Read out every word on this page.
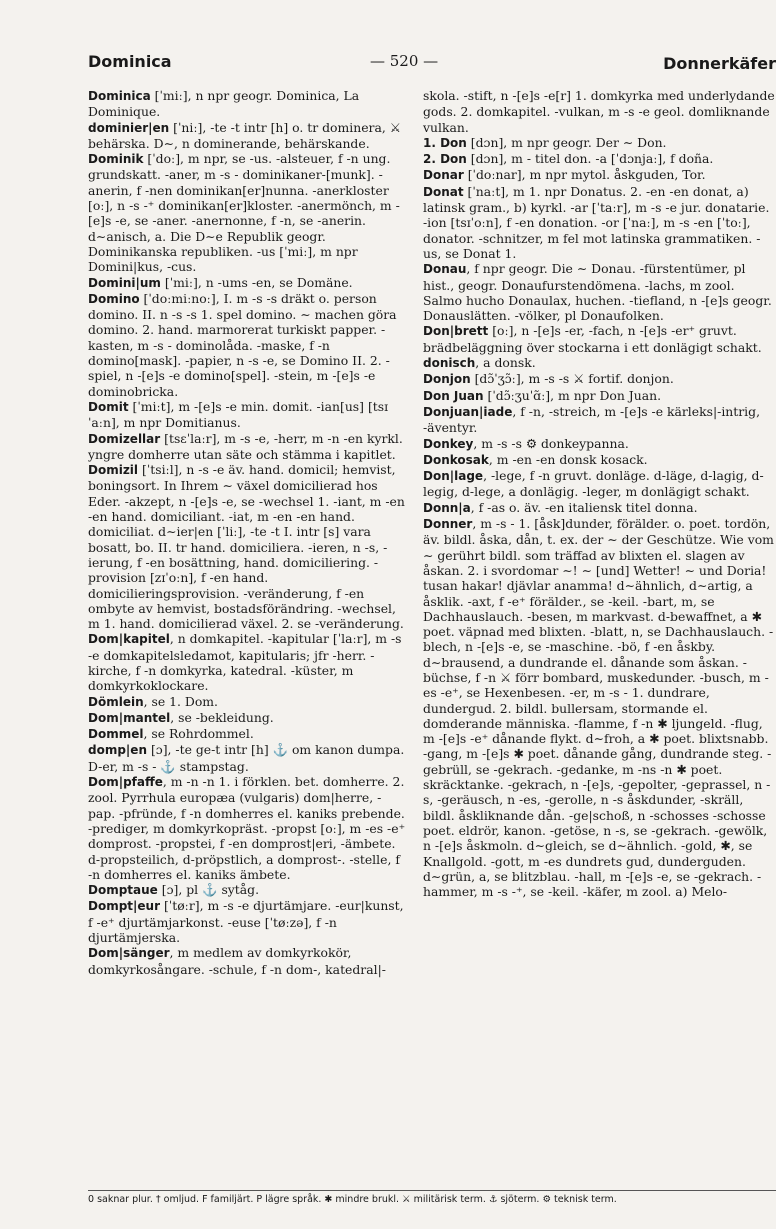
Dominica	— 520 —	Donnerkäfer

Dominica [ˈmiː], n npr geogr. Dominica, La Dominique.

dominier|en [ˈniː], -te -t intr [h] o. tr dominera, ⚔ behärska. D∼, n dominerande, behärskande.

Dominik [ˈdoː], m npr, se -us. -alsteuer, f -n ung. grundskatt. -aner, m -s - dominikaner-[munk]. -anerin, f -nen dominikan[er]nunna. -anerkloster [oː], n -s -⁺ dominikan[er]kloster. -anermönch, m -[e]s -e, se -aner. -anernonne, f -n, se -anerin. d∼anisch, a. Die D∼e Republik geogr. Dominikanska republiken. -us [ˈmiː], m npr Domini|kus, -cus.

Domini|um [ˈmiː], n -ums -en, se Domäne.

Domino [ˈdoːmiːnoː], I. m -s -s dräkt o. person domino. II. n -s -s 1. spel domino. ∼ machen göra domino. 2. hand. marmorerat turkiskt papper. -kasten, m -s - dominolåda. -maske, f -n domino[mask]. -papier, n -s -e, se Domino II. 2. -spiel, n -[e]s -e domino[spel]. -stein, m -[e]s -e dominobricka.

Domit [ˈmiːt], m -[e]s -e min. domit. -ian[us] [tsɪˈaːn], m npr Domitianus.

Domizellar [tsɛˈlaːr], m -s -e, -herr, m -n -en kyrkl. yngre domherre utan säte och stämma i kapitlet.

Domizil [ˈtsiːl], n -s -e äv. hand. domicil; hemvist, boningsort. In Ihrem ∼ växel domicilierad hos Eder. -akzept, n -[e]s -e, se -wechsel 1. -iant, m -en -en hand. domiciliant. -iat, m -en -en hand. domiciliat. d∼ier|en [ˈliː], -te -t I. intr [s] vara bosatt, bo. II. tr hand. domiciliera. -ieren, n -s, -ierung, f -en bosättning, hand. domiciliering. -provision [zɪˈoːn], f -en hand. domicilieringsprovision. -veränderung, f -en ombyte av hemvist, bostadsförändring. -wechsel, m 1. hand. domicilierad växel. 2. se -veränderung.

Dom|kapitel, n domkapitel. -kapitular [ˈlaːr], m -s -e domkapitelsledamot, kapitularis; jfr -herr. -kirche, f -n domkyrka, katedral. -küster, m domkyrkoklockare.

Dömlein, se 1. Dom.

Dom|mantel, se -bekleidung.

Dommel, se Rohrdommel.

domp|en [ɔ], -te ge-t intr [h] ⚓ om kanon dumpa. D-er, m -s - ⚓ stampstag.

Dom|pfaffe, m -n -n 1. i förklen. bet. domherre. 2. zool. Pyrrhula europæa (vulgaris) dom|herre, -pap. -pfründe, f -n domherres el. kaniks prebende. -prediger, m domkyrkopräst. -propst [oː], m -es -e⁺ domprost. -propstei, f -en domprost|eri, -ämbete. d-propsteilich, d-pröpstlich, a domprost-. -stelle, f -n domherres el. kaniks ämbete.

Domptaue [ɔ], pl ⚓ sytåg.

Dompt|eur [ˈtøːr], m -s -e djurtämjare. -eur|kunst, f -e⁺ djurtämjarkonst. -euse [ˈtøːzə], f -n djurtämjerska.

Dom|sänger, m medlem av domkyrkokör, domkyrkosångare. -schule, f -n dom-, katedral|-

skola. -stift, n -[e]s -e[r] 1. domkyrka med underlydande gods. 2. domkapitel. -vulkan, m -s -e geol. domliknande vulkan.

1. Don [dɔn], m npr geogr. Der ∼ Don.

2. Don [dɔn], m - titel don. -a [ˈdɔnjaː], f doña.

Donar [ˈdoːnar], m npr mytol. åskguden, Tor.

Donat [ˈnaːt], m 1. npr Donatus. 2. -en -en donat, a) latinsk gram., b) kyrkl. -ar [ˈtaːr], m -s -e jur. donatarie. -ion [tsɪˈoːn], f -en donation. -or [ˈnaː], m -s -en [ˈtoː], donator. -schnitzer, m fel mot latinska grammatiken. -us, se Donat 1.

Donau, f npr geogr. Die ∼ Donau. -fürstentümer, pl hist., geogr. Donaufurstendömena. -lachs, m zool. Salmo hucho Donaulax, huchen. -tiefland, n -[e]s geogr. Donauslätten. -völker, pl Donaufolken.

Don|brett [oː], n -[e]s -er, -fach, n -[e]s -er⁺ gruvt. brädbeläggning över stockarna i ett donlägigt schakt.

donisch, a donsk.

Donjon [dɔ̃ˈʒɔ̃ː], m -s -s ⚔ fortif. donjon.

Don Juan [ˈdɔ̃ːʒuˈɑ̃ː], m npr Don Juan.

Donjuan|iade, f -n, -streich, m -[e]s -e kärleks|-intrig, -äventyr.

Donkey, m -s -s ⚙ donkeypanna.

Donkosak, m -en -en donsk kosack.

Don|lage, -lege, f -n gruvt. donläge. d-läge, d-lagig, d-legig, d-lege, a donlägig. -leger, m donlägigt schakt.

Donn|a, f -as o. äv. -en italiensk titel donna.

Donner, m -s - 1. [åsk]dunder, förälder. o. poet. tordön, äv. bildl. åska, dån, t. ex. der ∼ der Geschütze. Wie vom ∼ gerührt bildl. som träffad av blixten el. slagen av åskan. 2. i svordomar ∼! ∼ [und] Wetter! ∼ und Doria! tusan hakar! djävlar anamma! d∼ähnlich, d∼artig, a åsklik. -axt, f -e⁺ förälder., se -keil. -bart, m, se Dachhauslauch. -besen, m markvast. d-bewaffnet, a ✱ poet. väpnad med blixten. -blatt, n, se Dachhauslauch. -blech, n -[e]s -e, se -maschine. -bö, f -en åskby. d∼brausend, a dundrande el. dånande som åskan. -büchse, f -n ⚔ förr bombard, muskedunder. -busch, m -es -e⁺, se Hexenbesen. -er, m -s - 1. dundrare, dundergud. 2. bildl. bullersam, stormande el. domderande människa. -flamme, f -n ✱ ljungeld. -flug, m -[e]s -e⁺ dånande flykt. d∼froh, a ✱ poet. blixtsnabb. -gang, m -[e]s ✱ poet. dånande gång, dundrande steg. -gebrüll, se -gekrach. -gedanke, m -ns -n ✱ poet. skräcktanke. -gekrach, n -[e]s, -gepolter, -geprassel, n -s, -geräusch, n -es, -gerolle, n -s åskdunder, -skräll, bildl. åskliknande dån. -ge|schoß, n -schosses -schosse poet. eldrör, kanon. -getöse, n -s, se -gekrach. -gewölk, n -[e]s åskmoln. d∼gleich, se d∼ähnlich. -gold, ✱, se Knallgold. -gott, m -es dundrets gud, dunderguden. d∼grün, a, se blitzblau. -hall, m -[e]s -e, se -gekrach. -hammer, m -s -⁺, se -keil. -käfer, m zool. a) Melo-

0 saknar plur. † omljud. F familjärt. P lägre språk. ✱ mindre brukl. ⚔ militärisk term. ⚓ sjöterm. ⚙ teknisk term.
